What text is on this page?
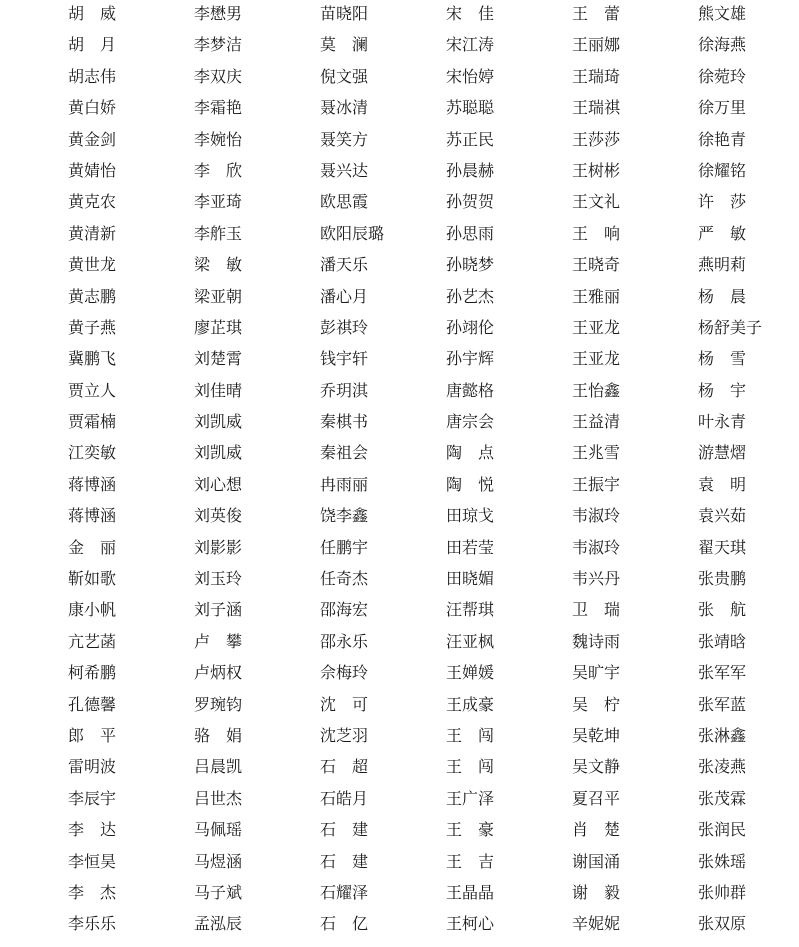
胡　威	李懋男	苗晓阳	宋　佳	王　蕾	熊文雄
胡　月	李梦洁	莫　澜	宋江涛	王丽娜	徐海燕
胡志伟	李双庆	倪文强	宋怡婷	王瑞琦	徐菀玲
黄白娇	李霜艳	聂冰清	苏聪聪	王瑞祺	徐万里
黄金剑	李婉怡	聂笑方	苏正民	王莎莎	徐艳青
黄婧怡	李　欣	聂兴达	孙晨赫	王树彬	徐耀铭
黄克农	李亚琦	欧思霞	孙贺贺	王文礼	许　莎
黄清新	李舴玉	欧阳辰璐	孙思雨	王　响	严　敏
黄世龙	梁　敏	潘天乐	孙晓梦	王晓奇	燕明莉
黄志鹏	梁亚朝	潘心月	孙艺杰	王雅丽	杨　晨
黄子燕	廖芷琪	彭祺玲	孙翊伦	王亚龙	杨舒美子
冀鹏飞	刘楚霄	钱宇轩	孙宇辉	王亚龙	杨　雪
贾立人	刘佳晴	乔玥淇	唐懿格	王怡鑫	杨　宇
贾霜楠	刘凯威	秦棋书	唐宗会	王益清	叶永青
江奕敏	刘凯威	秦祖会	陶　点	王兆雪	游慧熠
蒋博涵	刘心想	冉雨丽	陶　悦	王振宇	袁　明
蒋博涵	刘英俊	饶李鑫	田琼戈	韦淑玲	袁兴茹
金　丽	刘影影	任鹏宇	田若莹	韦淑玲	翟天琪
靳如歌	刘玉玲	任奇杰	田晓媚	韦兴丹	张贵鹏
康小帆	刘子涵	邵海宏	汪帮琪	卫　瑞	张航
亢艺菡	卢　攀	邵永乐	汪亚枫	魏诗雨	张靖晗
柯希鹏	卢炳权	佘梅玲	王婵媛	吴旷宇	张军军
孔德馨	罗琬钧	沈　可	王成豪	吴　柠	张军蓝
郎　平	骆　娟	沈芝羽	王　闯	吴乾坤	张淋鑫
雷明波	吕晨凯	石　超	王　闯	吴文静	张凌燕
李辰宇	吕世杰	石皓月	王广泽	夏召平	张茂霖
李　达	马佩瑶	石　建	王　豪	肖　楚	张润民
李恒昊	马煜涵	石　建	王　吉	谢国涌	张姝瑶
李　杰	马子斌	石耀泽	王晶晶	谢　毅	张帅群
李乐乐	孟泓辰	石　亿	王柯心	辛妮妮	张双原
